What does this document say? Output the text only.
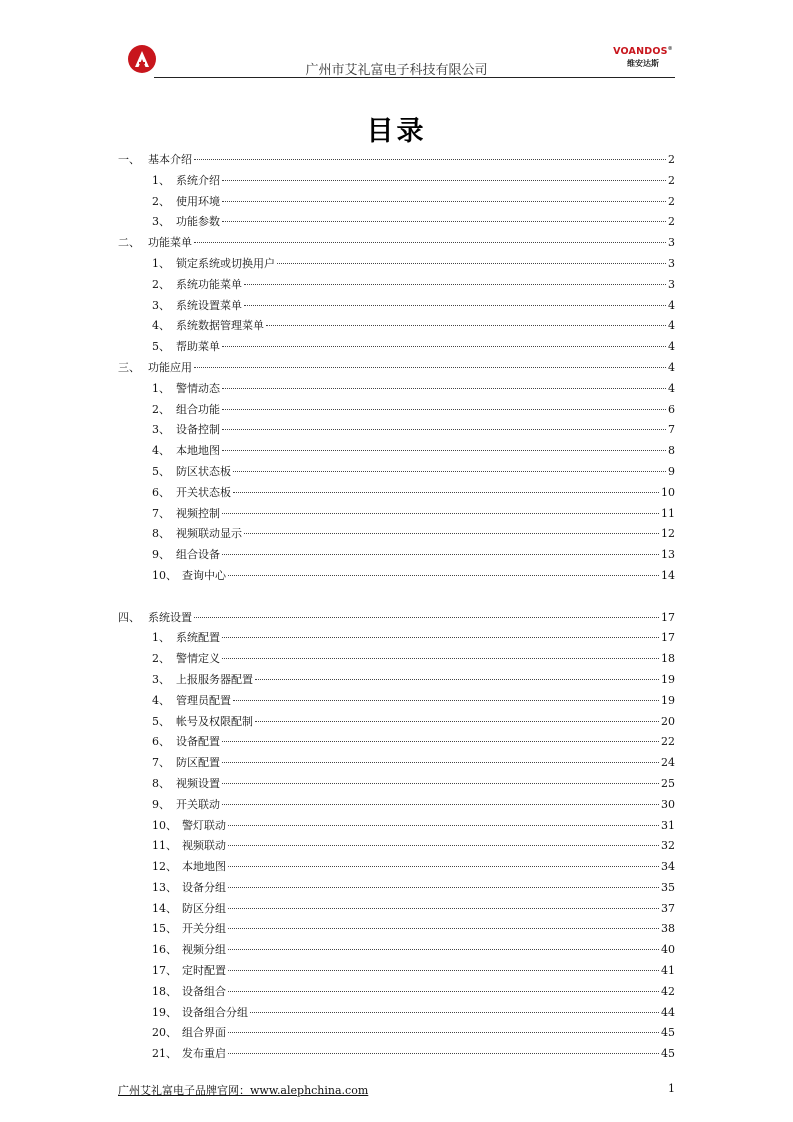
广州市艾礼富电子科技有限公司
VOANDOS®
维安达斯
目录
一、 基本介绍	2
1、 系统介绍	2
2、 使用环境	2
3、 功能参数	2
二、 功能菜单	3
1、 锁定系统或切换用户	3
2、 系统功能菜单	3
3、 系统设置菜单	4
4、 系统数据管理菜单	4
5、 帮助菜单	4
三、 功能应用	4
1、 警情动态	4
2、 组合功能	6
3、 设备控制	7
4、 本地地图	8
5、 防区状态板	9
6、 开关状态板	10
7、 视频控制	11
8、 视频联动显示	12
9、 组合设备	13
10、 查询中心	14
四、 系统设置	17
1、 系统配置	17
2、 警情定义	18
3、 上报服务器配置	19
4、 管理员配置	19
5、 帐号及权限配制	20
6、 设备配置	22
7、 防区配置	24
8、 视频设置	25
9、 开关联动	30
10、 警灯联动	31
11、 视频联动	32
12、 本地地图	34
13、 设备分组	35
14、 防区分组	37
15、 开关分组	38
16、 视频分组	40
17、 定时配置	41
18、 设备组合	42
19、 设备组合分组	44
20、 组合界面	45
21、 发布重启	45
广州艾礼富电子品牌官网：www.alephchina.com	1
